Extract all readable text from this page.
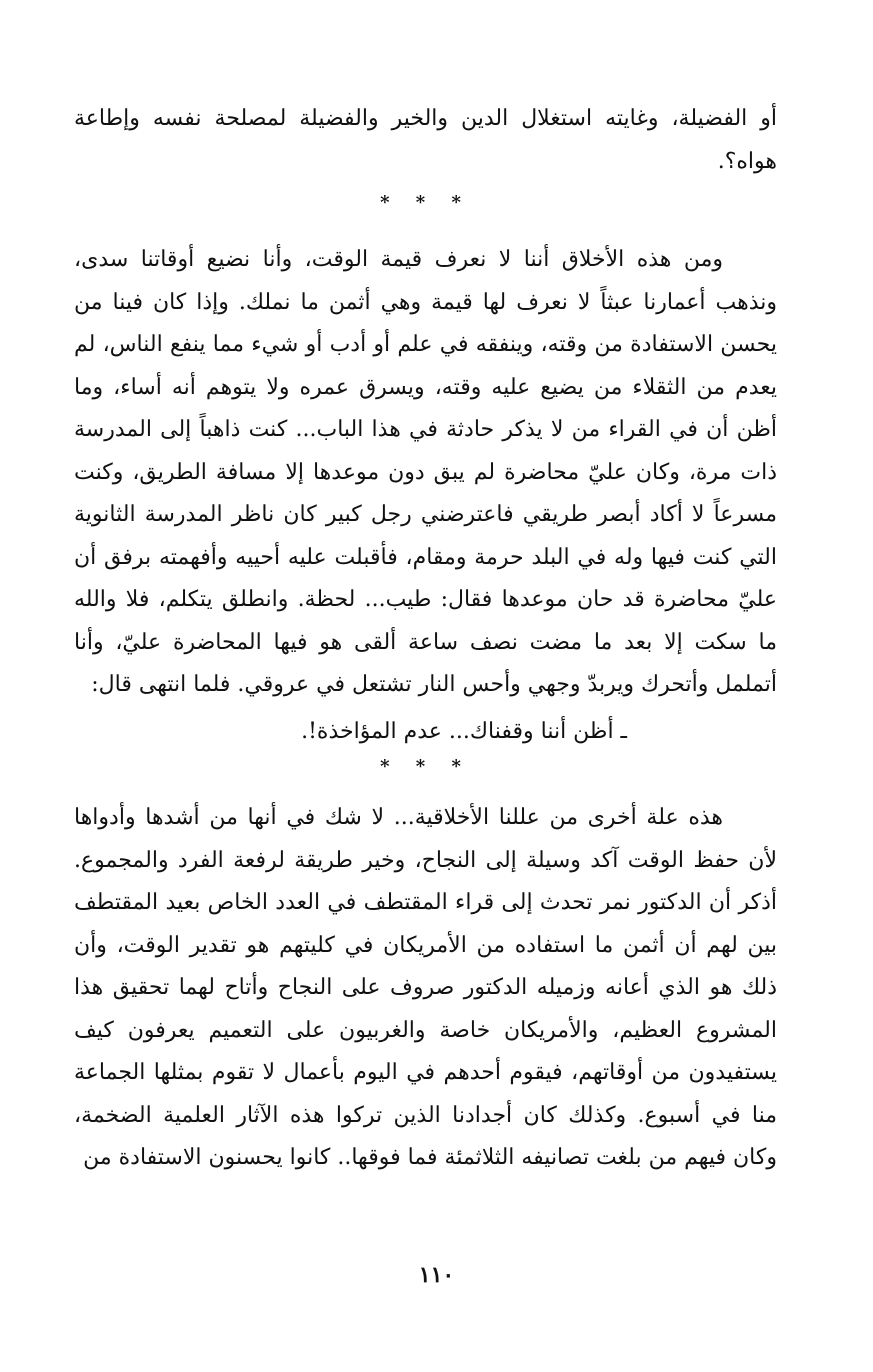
أو الفضيلة، وغايته استغلال الدين والخير والفضيلة لمصلحة نفسه وإطاعة هواه؟.

* * *

ومن هذه الأخلاق أننا لا نعرف قيمة الوقت، وأنا نضيع أوقاتنا سدى، ونذهب أعمارنا عبثاً لا نعرف لها قيمة وهي أثمن ما نملك. وإذا كان فينا من يحسن الاستفادة من وقته، وينفقه في علم أو أدب أو شيء مما ينفع الناس، لم يعدم من الثقلاء من يضيع عليه وقته، ويسرق عمره ولا يتوهم أنه أساء، وما أظن أن في القراء من لا يذكر حادثة في هذا الباب... كنت ذاهباً إلى المدرسة ذات مرة، وكان عليّ محاضرة لم يبق دون موعدها إلا مسافة الطريق، وكنت مسرعاً لا أكاد أبصر طريقي فاعترضني رجل كبير كان ناظر المدرسة الثانوية التي كنت فيها وله في البلد حرمة ومقام، فأقبلت عليه أحييه وأفهمته برفق أن عليّ محاضرة قد حان موعدها فقال: طيب... لحظة. وانطلق يتكلم، فلا والله ما سكت إلا بعد ما مضت نصف ساعة ألقى هو فيها المحاضرة عليّ، وأنا أتململ وأتحرك ويربدّ وجهي وأحس النار تشتعل في عروقي. فلما انتهى قال:

ـ أظن أننا وقفناك... عدم المؤاخذة!.

* * *

هذه علة أخرى من عللنا الأخلاقية... لا شك في أنها من أشدها وأدواها لأن حفظ الوقت آكد وسيلة إلى النجاح، وخير طريقة لرفعة الفرد والمجموع. أذكر أن الدكتور نمر تحدث إلى قراء المقتطف في العدد الخاص بعيد المقتطف بين لهم أن أثمن ما استفاده من الأمريكان في كليتهم هو تقدير الوقت، وأن ذلك هو الذي أعانه وزميله الدكتور صروف على النجاح وأتاح لهما تحقيق هذا المشروع العظيم، والأمريكان خاصة والغربيون على التعميم يعرفون كيف يستفيدون من أوقاتهم، فيقوم أحدهم في اليوم بأعمال لا تقوم بمثلها الجماعة منا في أسبوع. وكذلك كان أجدادنا الذين تركوا هذه الآثار العلمية الضخمة، وكان فيهم من بلغت تصانيفه الثلاثمئة فما فوقها.. كانوا يحسنون الاستفادة من

١١٠
